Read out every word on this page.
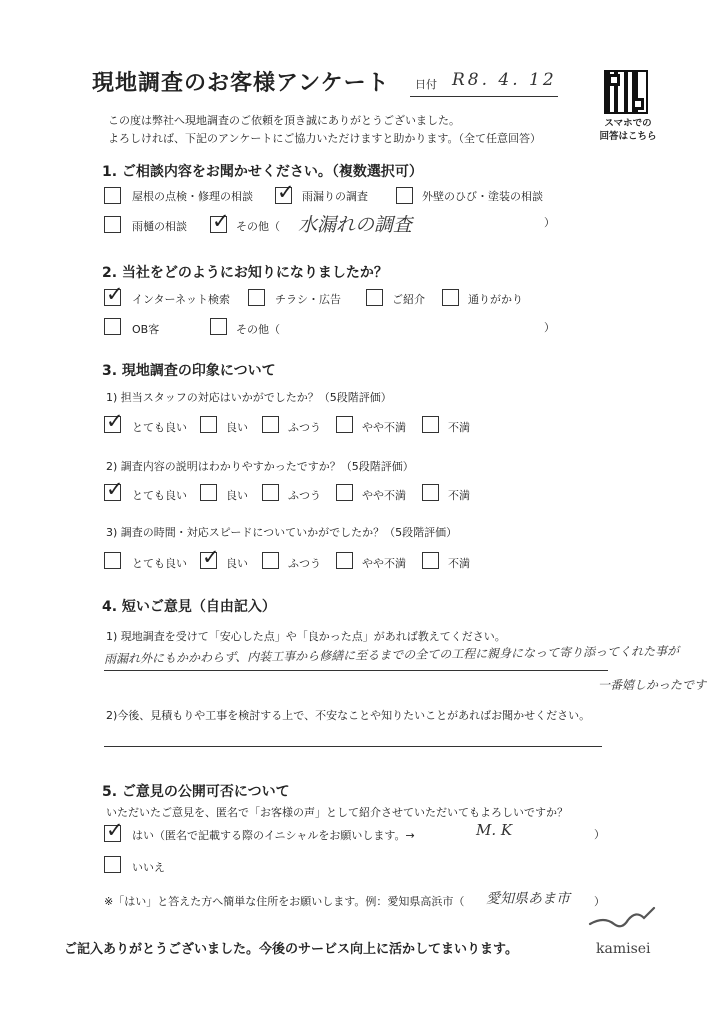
現地調査のお客様アンケート 日付 R8. 4. 12
スマホでの
回答はこちら
この度は弊社へ現地調査のご依頼を頂き誠にありがとうございました。
よろしければ、下記のアンケートにご協力いただけますと助かります。（全て任意回答）
1. ご相談内容をお聞かせください。（複数選択可）
屋根の点検・修理の相談 ✓	雨漏りの調査	外壁のひび・塗装の相談
雨樋の相談 ✓	その他（ 水漏れの調査	）
2. 当社をどのようにお知りになりましたか？
✓
インターネット検索	チラシ・広告	ご紹介	通りがかり
OB客	その他（	）
3. 現地調査の印象について
1) 担当スタッフの対応はいかがでしたか？（5段階評価）
✓
とても良い	良い	ふつう	やや不満	不満
2) 調査内容の説明はわかりやすかったですか？（5段階評価）
✓
とても良い	良い	ふつう	やや不満	不満
3) 調査の時間・対応スピードについていかがでしたか？（5段階評価）
とても良い ✓	良い	ふつう	やや不満	不満
4. 短いご意見（自由記入）
1) 現地調査を受けて「安心した点」や「良かった点」があれば教えてください。
雨漏れ外にもかかわらず、内装工事から修繕に至るまでの全ての工程に親身になって寄り添ってくれた事が
一番嬉しかったです
2)今後、見積もりや工事を検討する上で、不安なことや知りたいことがあればお聞かせください。
5. ご意見の公開可否について
いただいたご意見を、匿名で「お客様の声」として紹介させていただいてもよろしいですか？
✓
はい（匿名で記載する際のイニシャルをお願いします。→	M. K	）
いいえ
※「はい」と答えた方へ簡単な住所をお願いします。例：愛知県高浜市（ 愛知県あま市 ）
ご記入ありがとうございました。今後のサービス向上に活かしてまいります。	kamisei
